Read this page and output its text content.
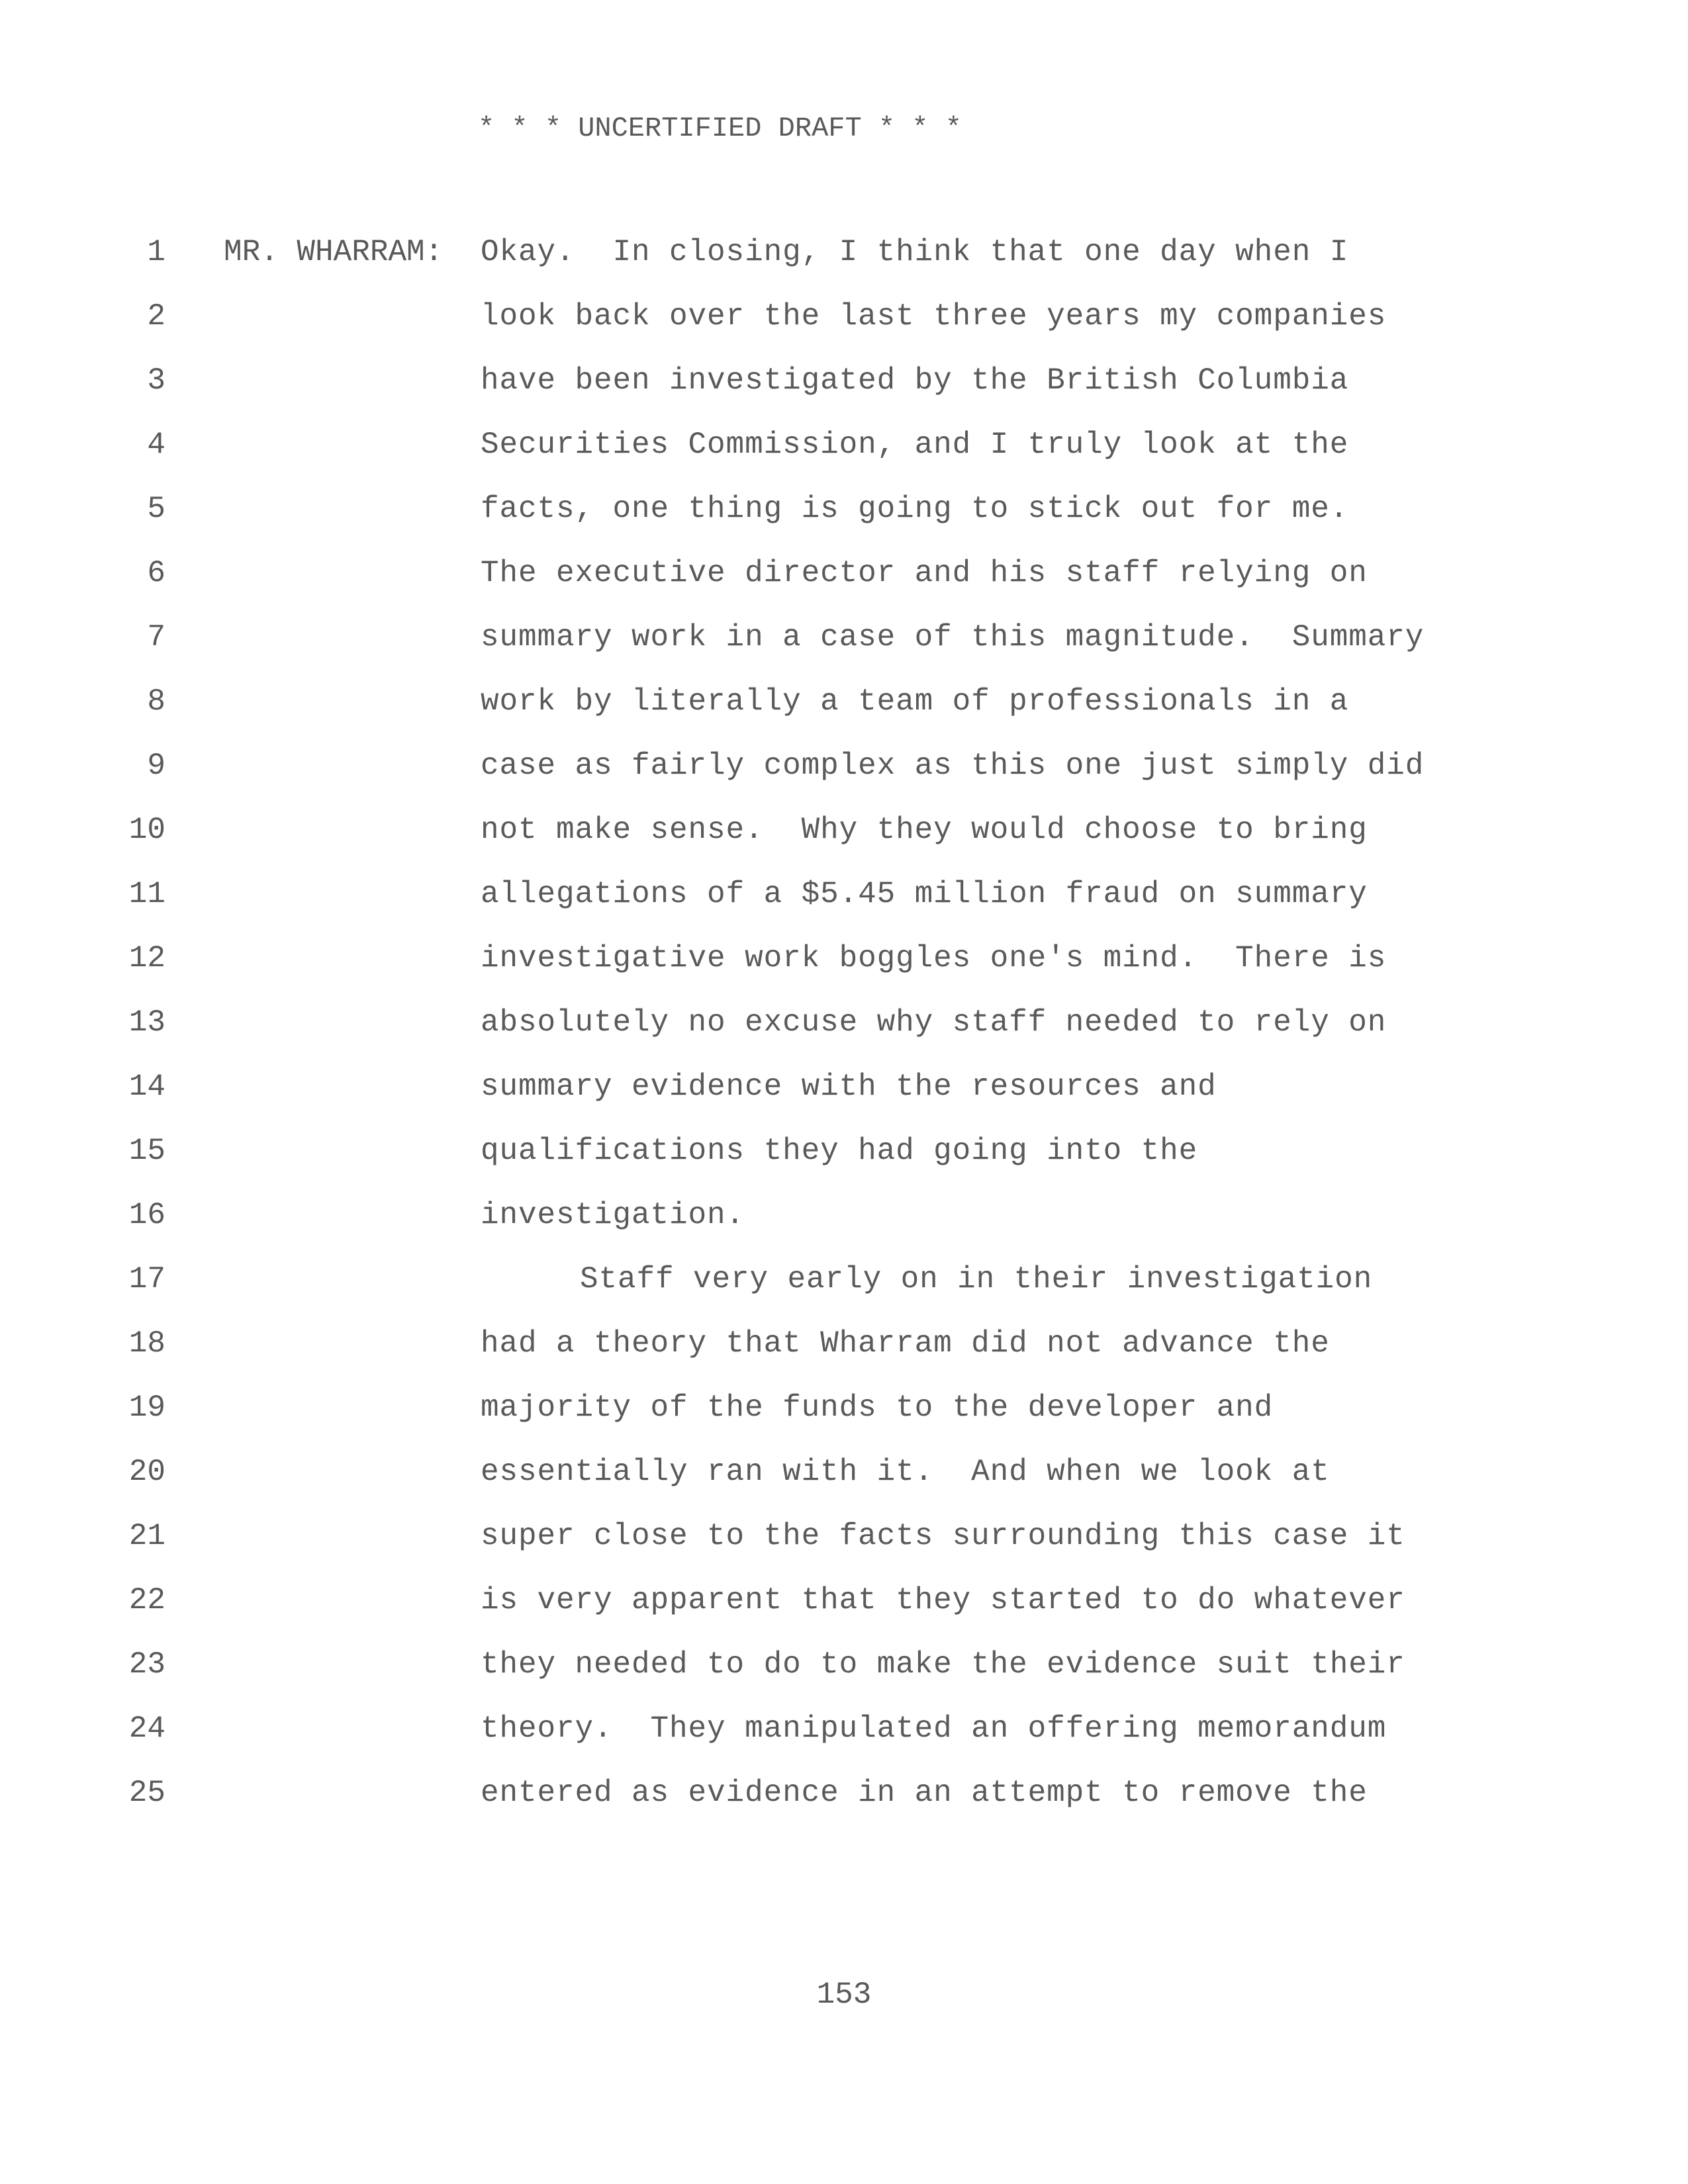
* * * UNCERTIFIED DRAFT * * *
MR. WHARRAM:
1	Okay.  In closing, I think that one day when I
2	look back over the last three years my companies
3	have been investigated by the British Columbia
4	Securities Commission, and I truly look at the
5	facts, one thing is going to stick out for me.
6	The executive director and his staff relying on
7	summary work in a case of this magnitude.  Summary
8	work by literally a team of professionals in a
9	case as fairly complex as this one just simply did
10	not make sense.  Why they would choose to bring
11	allegations of a $5.45 million fraud on summary
12	investigative work boggles one's mind.  There is
13	absolutely no excuse why staff needed to rely on
14	summary evidence with the resources and
15	qualifications they had going into the
16	investigation.
17	Staff very early on in their investigation
18	had a theory that Wharram did not advance the
19	majority of the funds to the developer and
20	essentially ran with it.  And when we look at
21	super close to the facts surrounding this case it
22	is very apparent that they started to do whatever
23	they needed to do to make the evidence suit their
24	theory.  They manipulated an offering memorandum
25	entered as evidence in an attempt to remove the
153
